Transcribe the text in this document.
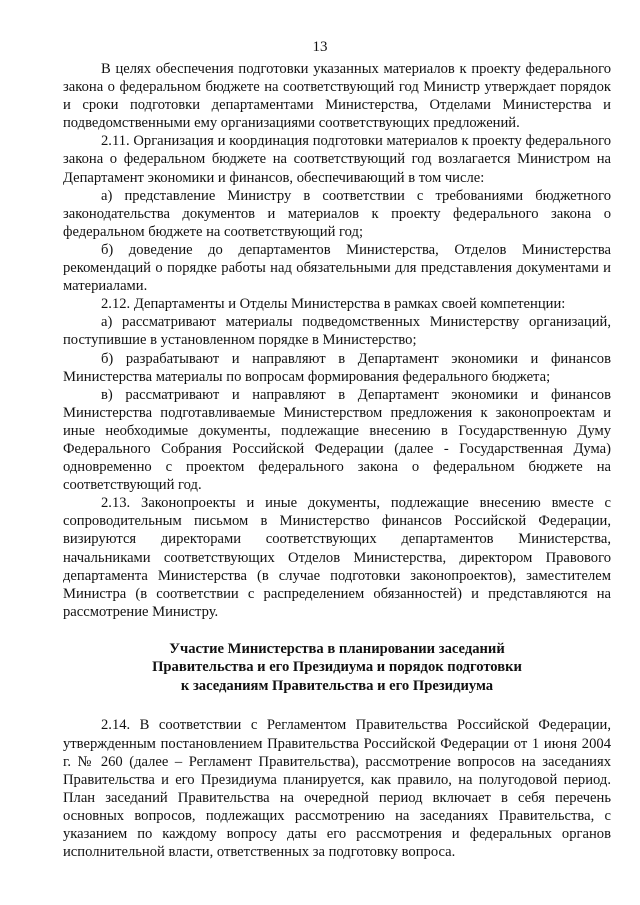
13

В целях обеспечения подготовки указанных материалов к проекту федерального закона о федеральном бюджете на соответствующий год Министр утверждает порядок и сроки подготовки департаментами Министерства, Отделами Министерства и подведомственными ему организациями соответствующих предложений.

2.11. Организация и координация подготовки материалов к проекту федерального закона о федеральном бюджете на соответствующий год возлагается Министром на Департамент экономики и финансов, обеспечивающий в том числе:

а) представление Министру в соответствии с требованиями бюджетного законодательства документов и материалов к проекту федерального закона о федеральном бюджете на соответствующий год;

б) доведение до департаментов Министерства, Отделов Министерства рекомендаций о порядке работы над обязательными для представления документами и материалами.

2.12. Департаменты и Отделы Министерства в рамках своей компетенции:

а) рассматривают материалы подведомственных Министерству организаций, поступившие в установленном порядке в Министерство;

б) разрабатывают и направляют в Департамент экономики и финансов Министерства материалы по вопросам формирования федерального бюджета;

в) рассматривают и направляют в Департамент экономики и финансов Министерства подготавливаемые Министерством предложения к законопроектам и иные необходимые документы, подлежащие внесению в Государственную Думу Федерального Собрания Российской Федерации (далее - Государственная Дума) одновременно с проектом федерального закона о федеральном бюджете на соответствующий год.

2.13. Законопроекты и иные документы, подлежащие внесению вместе с сопроводительным письмом в Министерство финансов Российской Федерации, визируются директорами соответствующих департаментов Министерства, начальниками соответствующих Отделов Министерства, директором Правового департамента Министерства (в случае подготовки законопроектов), заместителем Министра (в соответствии с распределением обязанностей) и представляются на рассмотрение Министру.

Участие Министерства в планировании заседаний
Правительства и его Президиума и порядок подготовки
к заседаниям Правительства и его Президиума

2.14. В соответствии с Регламентом Правительства Российской Федерации, утвержденным постановлением Правительства Российской Федерации от 1 июня 2004 г. № 260 (далее – Регламент Правительства), рассмотрение вопросов на заседаниях Правительства и его Президиума планируется, как правило, на полугодовой период. План заседаний Правительства на очередной период включает в себя перечень основных вопросов, подлежащих рассмотрению на заседаниях Правительства, с указанием по каждому вопросу даты его рассмотрения и федеральных органов исполнительной власти, ответственных за подготовку вопроса.
